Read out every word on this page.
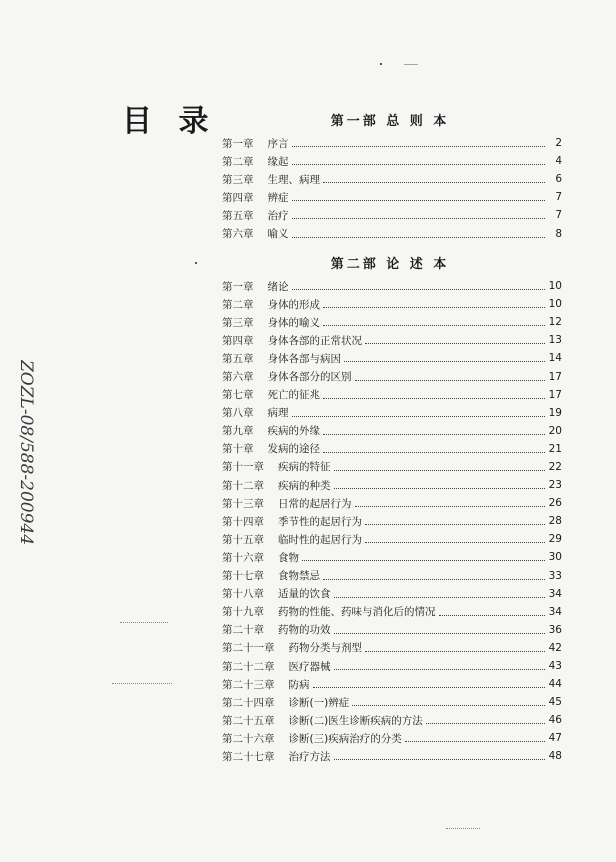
目 录
ZOZL-08/588-200944
第一部 总 则 本
第一章 序言	2
第二章 缘起	4
第三章 生理、病理	6
第四章 辨症	7
第五章 治疗	7
第六章 喻义	8
第二部 论 述 本
第一章 绪论	10
第二章 身体的形成	10
第三章 身体的喻义	12
第四章 身体各部的正常状况	13
第五章 身体各部与病因	14
第六章 身体各部分的区别	17
第七章 死亡的征兆	17
第八章 病理	19
第九章 疾病的外缘	20
第十章 发病的途径	21
第十一章 疾病的特征	22
第十二章 疾病的种类	23
第十三章 日常的起居行为	26
第十四章 季节性的起居行为	28
第十五章 临时性的起居行为	29
第十六章 食物	30
第十七章 食物禁忌	33
第十八章 适量的饮食	34
第十九章 药物的性能、药味与消化后的情况	34
第二十章 药物的功效	36
第二十一章 药物分类与剂型	42
第二十二章 医疗器械	43
第二十三章 防病	44
第二十四章 诊断(一)辨症	45
第二十五章 诊断(二)医生诊断疾病的方法	46
第二十六章 诊断(三)疾病治疗的分类	47
第二十七章 治疗方法	48
